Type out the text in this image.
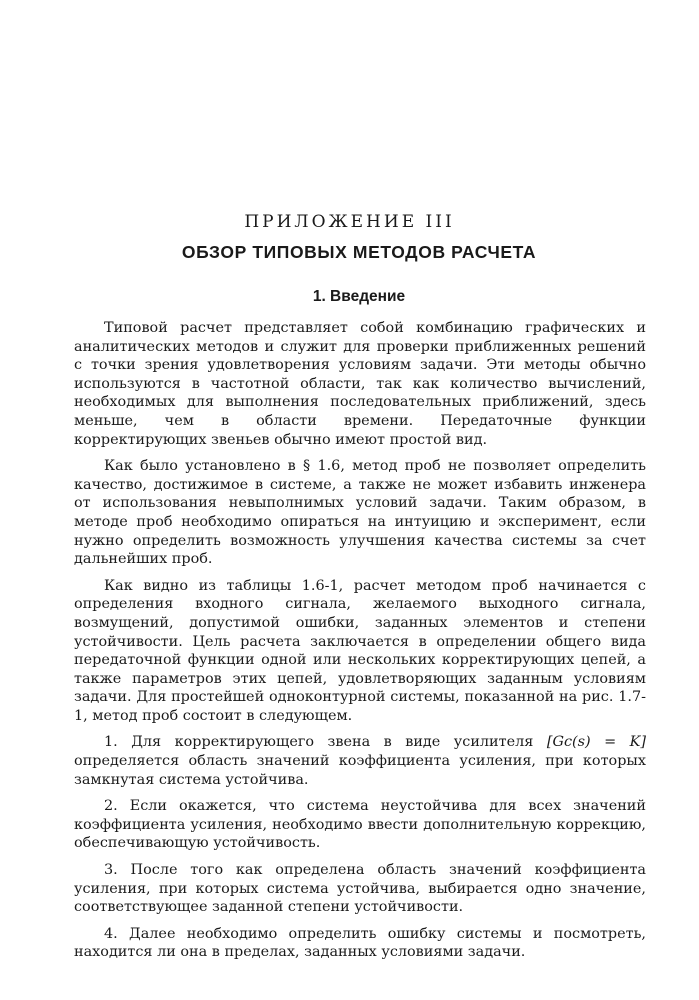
ПРИЛОЖЕНИЕ III
ОБЗОР ТИПОВЫХ МЕТОДОВ РАСЧЕТА
1. Введение

Типовой расчет представляет собой комбинацию графических и аналитических методов и служит для проверки приближенных решений с точки зрения удовлетворения условиям задачи. Эти методы обычно используются в частотной области, так как количество вычислений, необходимых для выполнения последовательных приближений, здесь меньше, чем в области времени. Передаточные функции корректирующих звеньев обычно имеют простой вид.

Как было установлено в § 1.6, метод проб не позволяет определить качество, достижимое в системе, а также не может избавить инженера от использования невыполнимых условий задачи. Таким образом, в методе проб необходимо опираться на интуицию и эксперимент, если нужно определить возможность улучшения качества системы за счет дальнейших проб.

Как видно из таблицы 1.6-1, расчет методом проб начинается с определения входного сигнала, желаемого выходного сигнала, возмущений, допустимой ошибки, заданных элементов и степени устойчивости. Цель расчета заключается в определении общего вида передаточной функции одной или нескольких корректирующих цепей, а также параметров этих цепей, удовлетворяющих заданным условиям задачи. Для простейшей одноконтурной системы, показанной на рис. 1.7-1, метод проб состоит в следующем.

1. Для корректирующего звена в виде усилителя [Gc(s) = K] определяется область значений коэффициента усиления, при которых замкнутая система устойчива.

2. Если окажется, что система неустойчива для всех значений коэффициента усиления, необходимо ввести дополнительную коррекцию, обеспечивающую устойчивость.

3. После того как определена область значений коэффициента усиления, при которых система устойчива, выбирается одно значение, соответствующее заданной степени устойчивости.

4. Далее необходимо определить ошибку системы и посмотреть, находится ли она в пределах, заданных условиями задачи.
